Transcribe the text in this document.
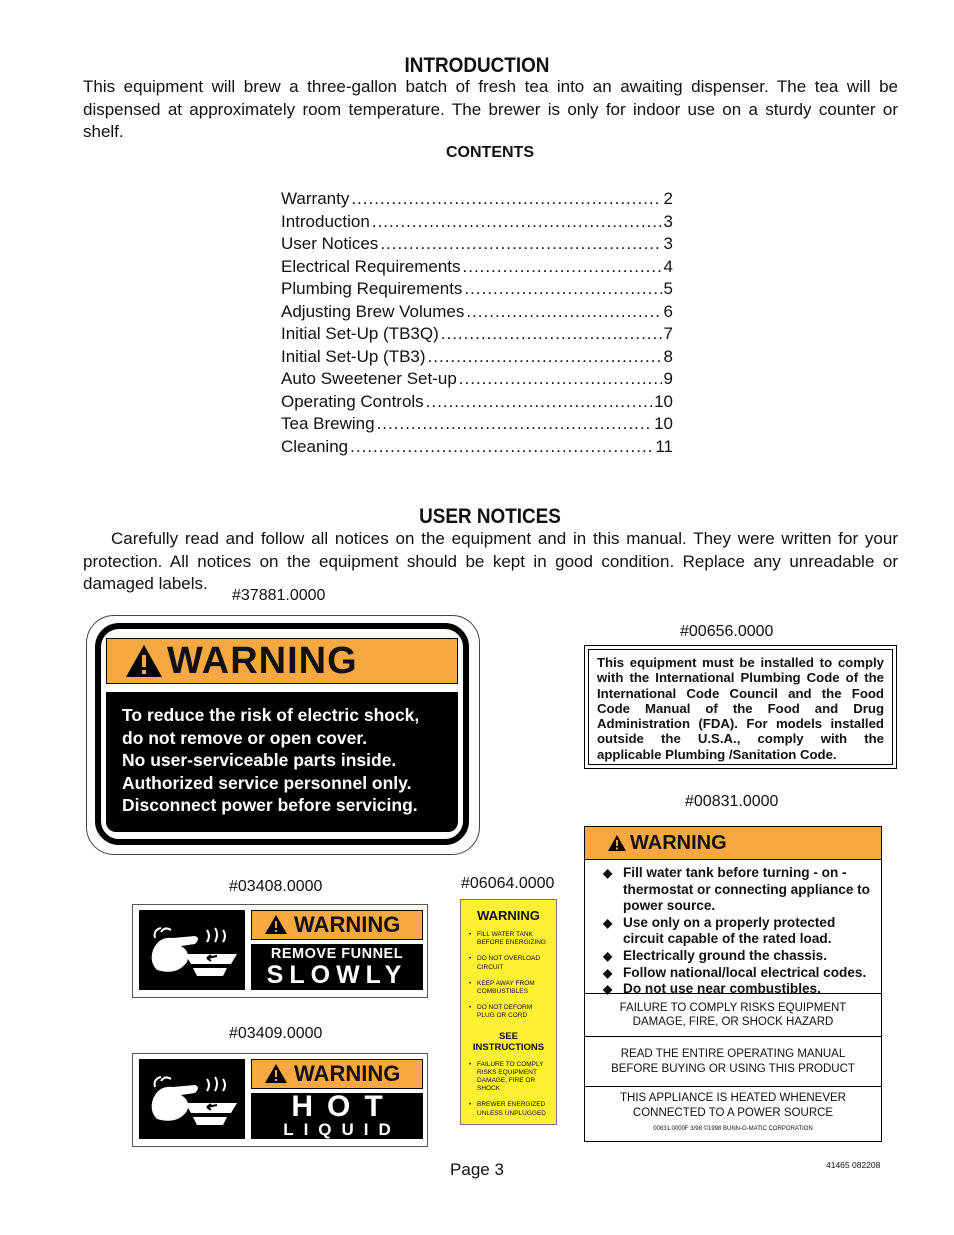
INTRODUCTION
This equipment will brew a three-gallon batch of fresh tea into an awaiting dispenser. The tea will be dispensed at approximately room temperature. The brewer is only for indoor use on a sturdy counter or shelf.
CONTENTS
Warranty .....	2
Introduction .....	3
User Notices .....	3
Electrical Requirements .....	4
Plumbing Requirements .....	5
Adjusting Brew Volumes .....	6
Initial Set-Up (TB3Q) .....	7
Initial Set-Up (TB3) .....	8
Auto Sweetener Set-up .....	9
Operating Controls .....	10
Tea Brewing .....	10
Cleaning .....	11
USER NOTICES
Carefully read and follow all notices on the equipment and in this manual. They were written for your protection. All notices on the equipment should be kept in good condition. Replace any unreadable or damaged labels.
#37881.0000
WARNING
To reduce the risk of electric shock,
do not remove or open cover.
No user-serviceable parts inside.
Authorized service personnel only.
Disconnect power before servicing.
#00656.0000
This equipment must be installed to comply with the International Plumbing Code of the International Code Council and the Food Code Manual of the Food and Drug Administration (FDA). For models installed outside the U.S.A., comply with the applicable Plumbing /Sanitation Code.
#00831.0000
WARNING
◆ Fill water tank before turning - on - thermostat or connecting appliance to power source.
◆ Use only on a properly protected circuit capable of the rated load.
◆ Electrically ground the chassis.
◆ Follow national/local electrical codes.
◆ Do not use near combustibles.
FAILURE TO COMPLY RISKS EQUIPMENT
DAMAGE, FIRE, OR SHOCK HAZARD
READ THE ENTIRE OPERATING MANUAL
BEFORE BUYING OR USING THIS PRODUCT
THIS APPLIANCE IS HEATED WHENEVER
CONNECTED TO A POWER SOURCE
00831.0000F 3/98 ©1998 BUNN-O-MATIC CORPORATION
#03408.0000
WARNING
REMOVE FUNNEL
SLOWLY
#03409.0000
WARNING
HOT
LIQUID
#06064.0000
WARNING
• FILL WATER TANK BEFORE ENERGIZING
• DO NOT OVERLOAD CIRCUIT
• KEEP AWAY FROM COMBUSTIBLES
• DO NOT DEFORM PLUG OR CORD
SEE INSTRUCTIONS
• FAILURE TO COMPLY RISKS EQUIPMENT DAMAGE, FIRE OR SHOCK
• BREWER ENERGIZED UNLESS UNPLUGGED
Page 3	41465 082208
